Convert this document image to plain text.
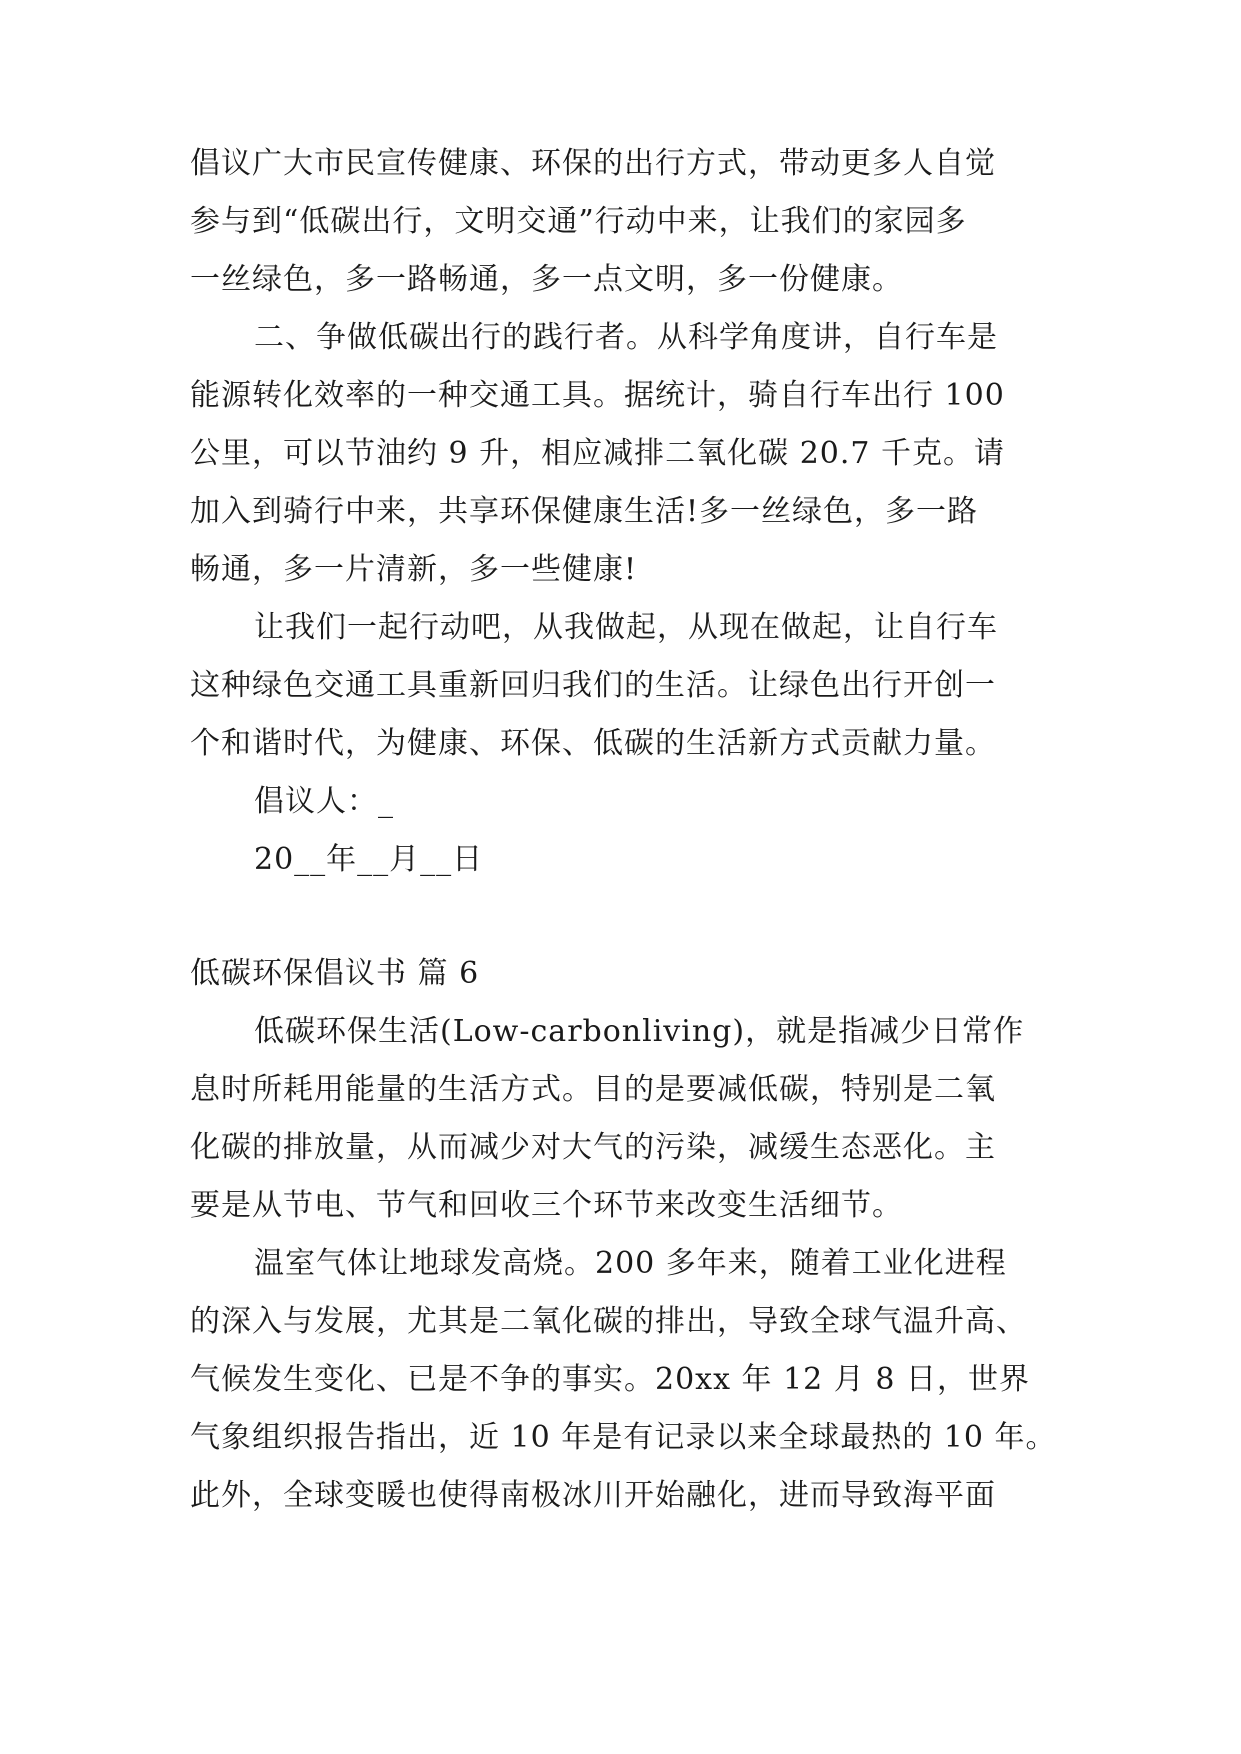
倡议广大市民宣传健康、环保的出行方式，带动更多人自觉
参与到“低碳出行，文明交通”行动中来，让我们的家园多
一丝绿色，多一路畅通，多一点文明，多一份健康。
二、争做低碳出行的践行者。从科学角度讲，自行车是
能源转化效率的一种交通工具。据统计，骑自行车出行 100
公里，可以节油约 9 升，相应减排二氧化碳 20.7 千克。请
加入到骑行中来，共享环保健康生活!多一丝绿色，多一路
畅通，多一片清新，多一些健康!
让我们一起行动吧，从我做起，从现在做起，让自行车
这种绿色交通工具重新回归我们的生活。让绿色出行开创一
个和谐时代，为健康、环保、低碳的生活新方式贡献力量。
倡议人：_
20__年__月__日
低碳环保倡议书 篇 6
低碳环保生活(Low-carbonliving)，就是指减少日常作
息时所耗用能量的生活方式。目的是要减低碳，特别是二氧
化碳的排放量，从而减少对大气的污染，减缓生态恶化。主
要是从节电、节气和回收三个环节来改变生活细节。
温室气体让地球发高烧。200 多年来，随着工业化进程
的深入与发展，尤其是二氧化碳的排出，导致全球气温升高、
气候发生变化、已是不争的事实。20xx 年 12 月 8 日，世界
气象组织报告指出，近 10 年是有记录以来全球最热的 10 年。
此外，全球变暖也使得南极冰川开始融化，进而导致海平面
